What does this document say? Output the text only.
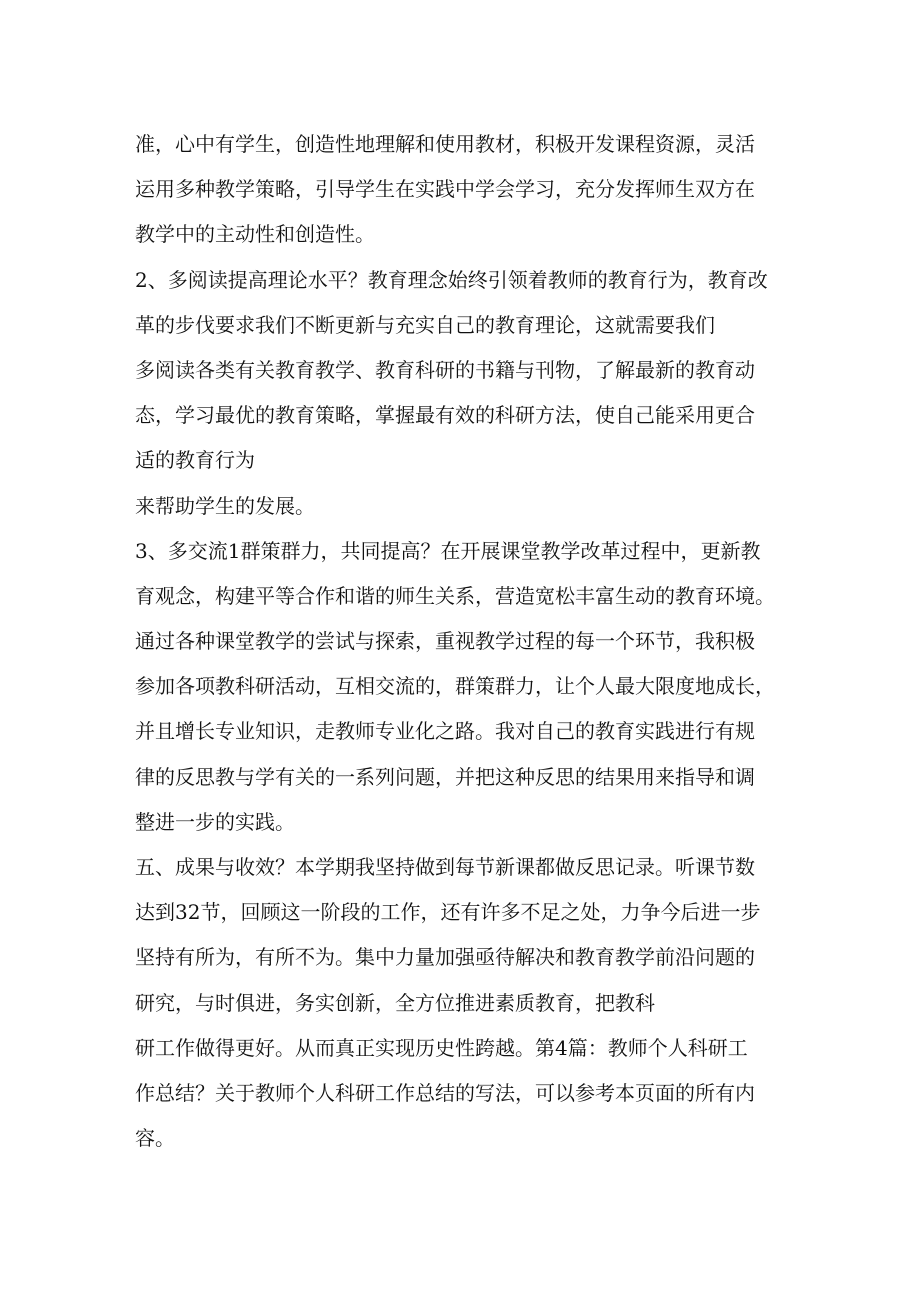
准，心中有学生，创造性地理解和使用教材，积极开发课程资源，灵活
运用多种教学策略，引导学生在实践中学会学习，充分发挥师生双方在
教学中的主动性和创造性。
2、多阅读提高理论水平？教育理念始终引领着教师的教育行为，教育改
革的步伐要求我们不断更新与充实自己的教育理论，这就需要我们
多阅读各类有关教育教学、教育科研的书籍与刊物，了解最新的教育动
态，学习最优的教育策略，掌握最有效的科研方法，使自己能采用更合
适的教育行为
来帮助学生的发展。
3、多交流1群策群力，共同提高？在开展课堂教学改革过程中，更新教
育观念，构建平等合作和谐的师生关系，营造宽松丰富生动的教育环境。
通过各种课堂教学的尝试与探索，重视教学过程的每一个环节，我积极
参加各项教科研活动，互相交流的，群策群力，让个人最大限度地成长，
并且增长专业知识，走教师专业化之路。我对自己的教育实践进行有规
律的反思教与学有关的一系列问题，并把这种反思的结果用来指导和调
整进一步的实践。
五、成果与收效？本学期我坚持做到每节新课都做反思记录。听课节数
达到32节，回顾这一阶段的工作，还有许多不足之处，力争今后进一步
坚持有所为，有所不为。集中力量加强亟待解决和教育教学前沿问题的
研究，与时俱进，务实创新，全方位推进素质教育，把教科
研工作做得更好。从而真正实现历史性跨越。第4篇：教师个人科研工
作总结？关于教师个人科研工作总结的写法，可以参考本页面的所有内
容。
